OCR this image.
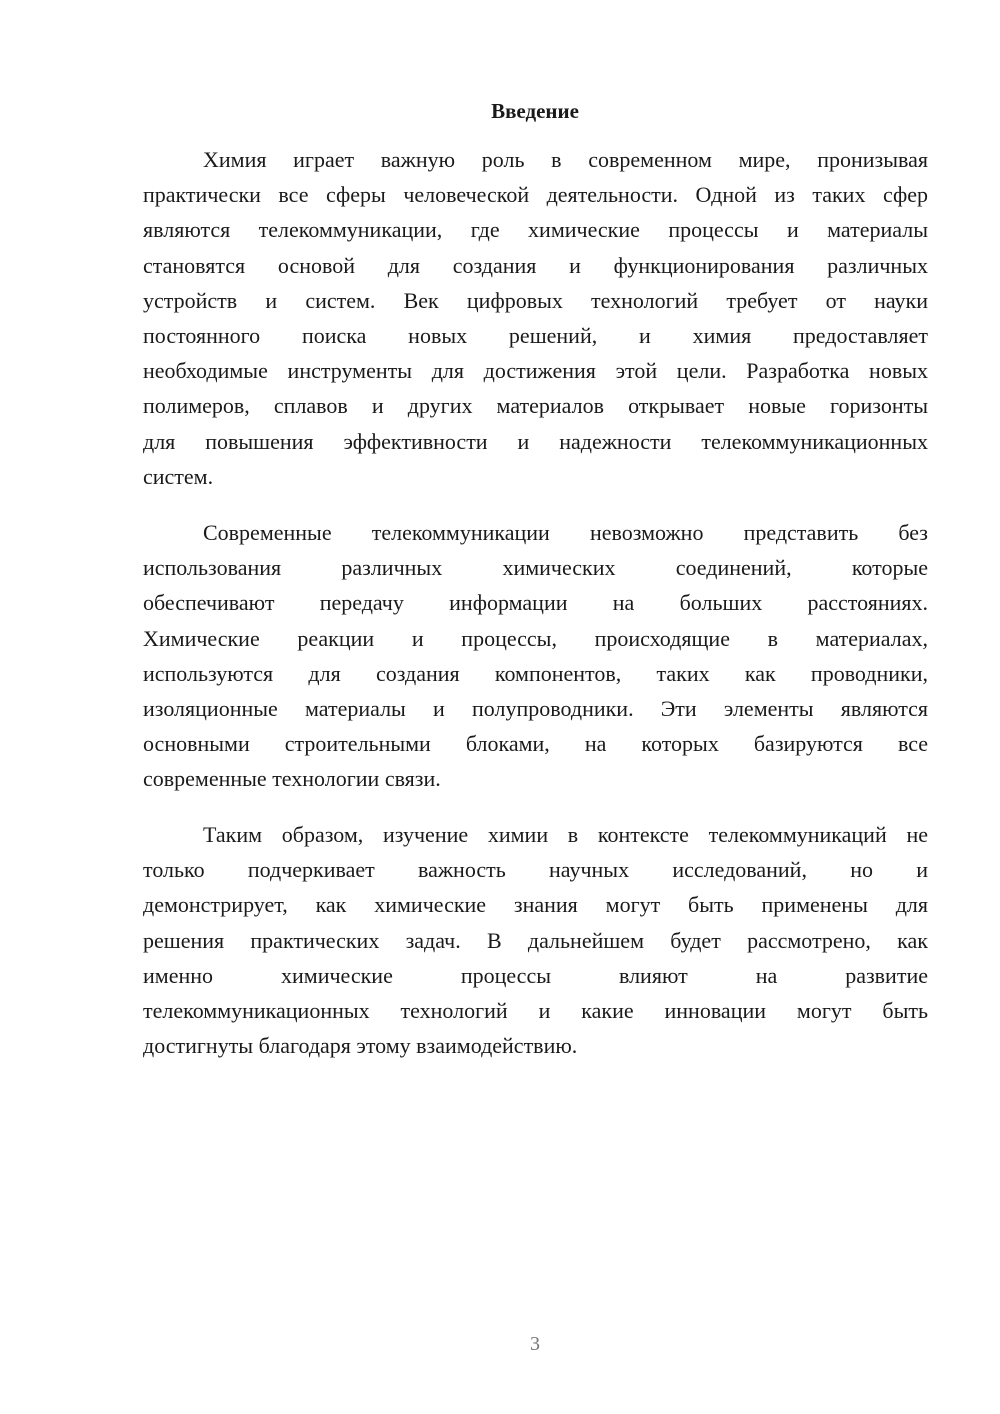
Введение
Химия играет важную роль в современном мире, пронизывая
практически все сферы человеческой деятельности. Одной из таких сфер
являются телекоммуникации, где химические процессы и материалы
становятся основой для создания и функционирования различных
устройств и систем. Век цифровых технологий требует от науки
постоянного поиска новых решений, и химия предоставляет
необходимые инструменты для достижения этой цели. Разработка новых
полимеров, сплавов и других материалов открывает новые горизонты
для повышения эффективности и надежности телекоммуникационных
систем.
Современные телекоммуникации невозможно представить без
использования различных химических соединений, которые
обеспечивают передачу информации на больших расстояниях.
Химические реакции и процессы, происходящие в материалах,
используются для создания компонентов, таких как проводники,
изоляционные материалы и полупроводники. Эти элементы являются
основными строительными блоками, на которых базируются все
современные технологии связи.
Таким образом, изучение химии в контексте телекоммуникаций не
только подчеркивает важность научных исследований, но и
демонстрирует, как химические знания могут быть применены для
решения практических задач. В дальнейшем будет рассмотрено, как
именно химические процессы влияют на развитие
телекоммуникационных технологий и какие инновации могут быть
достигнуты благодаря этому взаимодействию.
3
